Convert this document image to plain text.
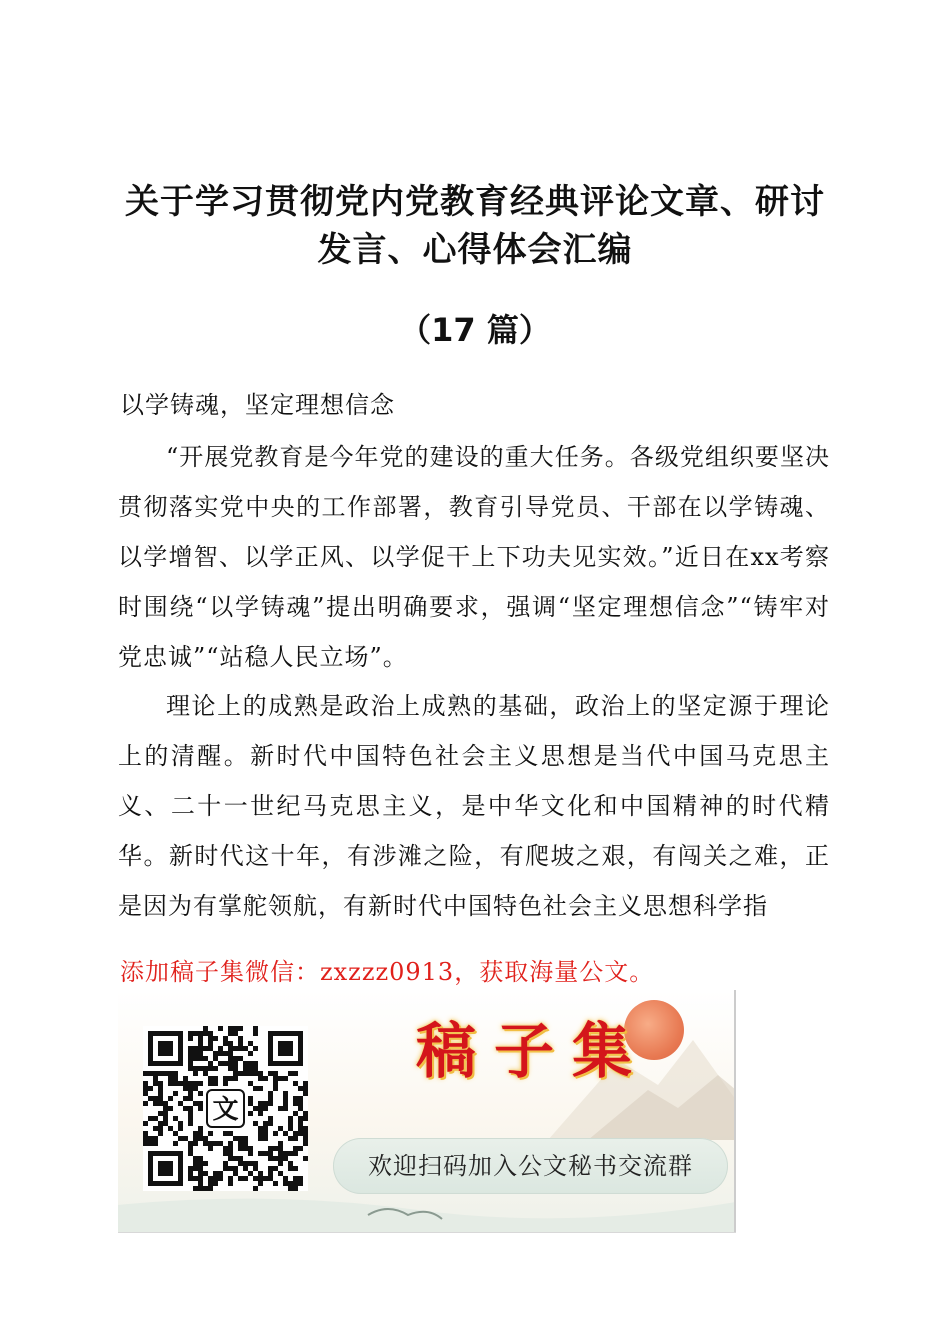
关于学习贯彻党内党教育经典评论文章、研讨
发言、心得体会汇编
（17 篇）
以学铸魂，坚定理想信念
“开展党教育是今年党的建设的重大任务。各级党组织要坚决贯彻落实党中央的工作部署，教育引导党员、干部在以学铸魂、以学增智、以学正风、以学促干上下功夫见实效。”近日在xx考察时围绕“以学铸魂”提出明确要求，强调“坚定理想信念”“铸牢对党忠诚”“站稳人民立场”。
理论上的成熟是政治上成熟的基础，政治上的坚定源于理论上的清醒。新时代中国特色社会主义思想是当代中国马克思主义、二十一世纪马克思主义，是中华文化和中国精神的时代精华。新时代这十年，有涉滩之险，有爬坡之艰，有闯关之难，正是因为有掌舵领航，有新时代中国特色社会主义思想科学指
添加稿子集微信：zxzzz0913，获取海量公文。
文
稿子集
欢迎扫码加入公文秘书交流群
